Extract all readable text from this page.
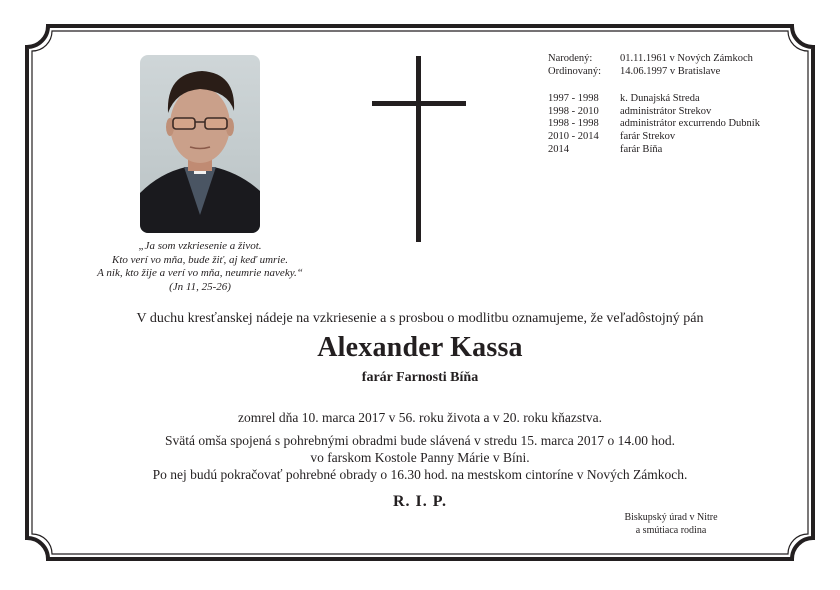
„Ja som vzkriesenie a život.
Kto verí vo mňa, bude žiť, aj keď umrie.
A nik, kto žije a verí vo mňa, neumrie naveky.“
(Jn 11, 25-26)
Narodený:	01.11.1961 v Nových Zámkoch
Ordinovaný:	14.06.1997 v Bratislave
1997 - 1998	k. Dunajská Streda
1998 - 2010	administrátor Strekov
1998 - 1998	administrátor excurrendo Dubník
2010 - 2014	farár Strekov
2014	farár Bíňa
V duchu kresťanskej nádeje na vzkriesenie a s prosbou o modlitbu oznamujeme, že veľadôstojný pán
Alexander Kassa
farár Farnosti Bíňa
zomrel dňa 10. marca 2017 v 56. roku života a v 20. roku kňazstva.
Svätá omša spojená s pohrebnými obradmi bude slávená v stredu 15. marca 2017 o 14.00 hod.
vo farskom Kostole Panny Márie v Bíni.
Po nej budú pokračovať pohrebné obrady o 16.30 hod. na mestskom cintoríne v Nových Zámkoch.
R. I. P.
Biskupský úrad v Nitre
a smútiaca rodina
